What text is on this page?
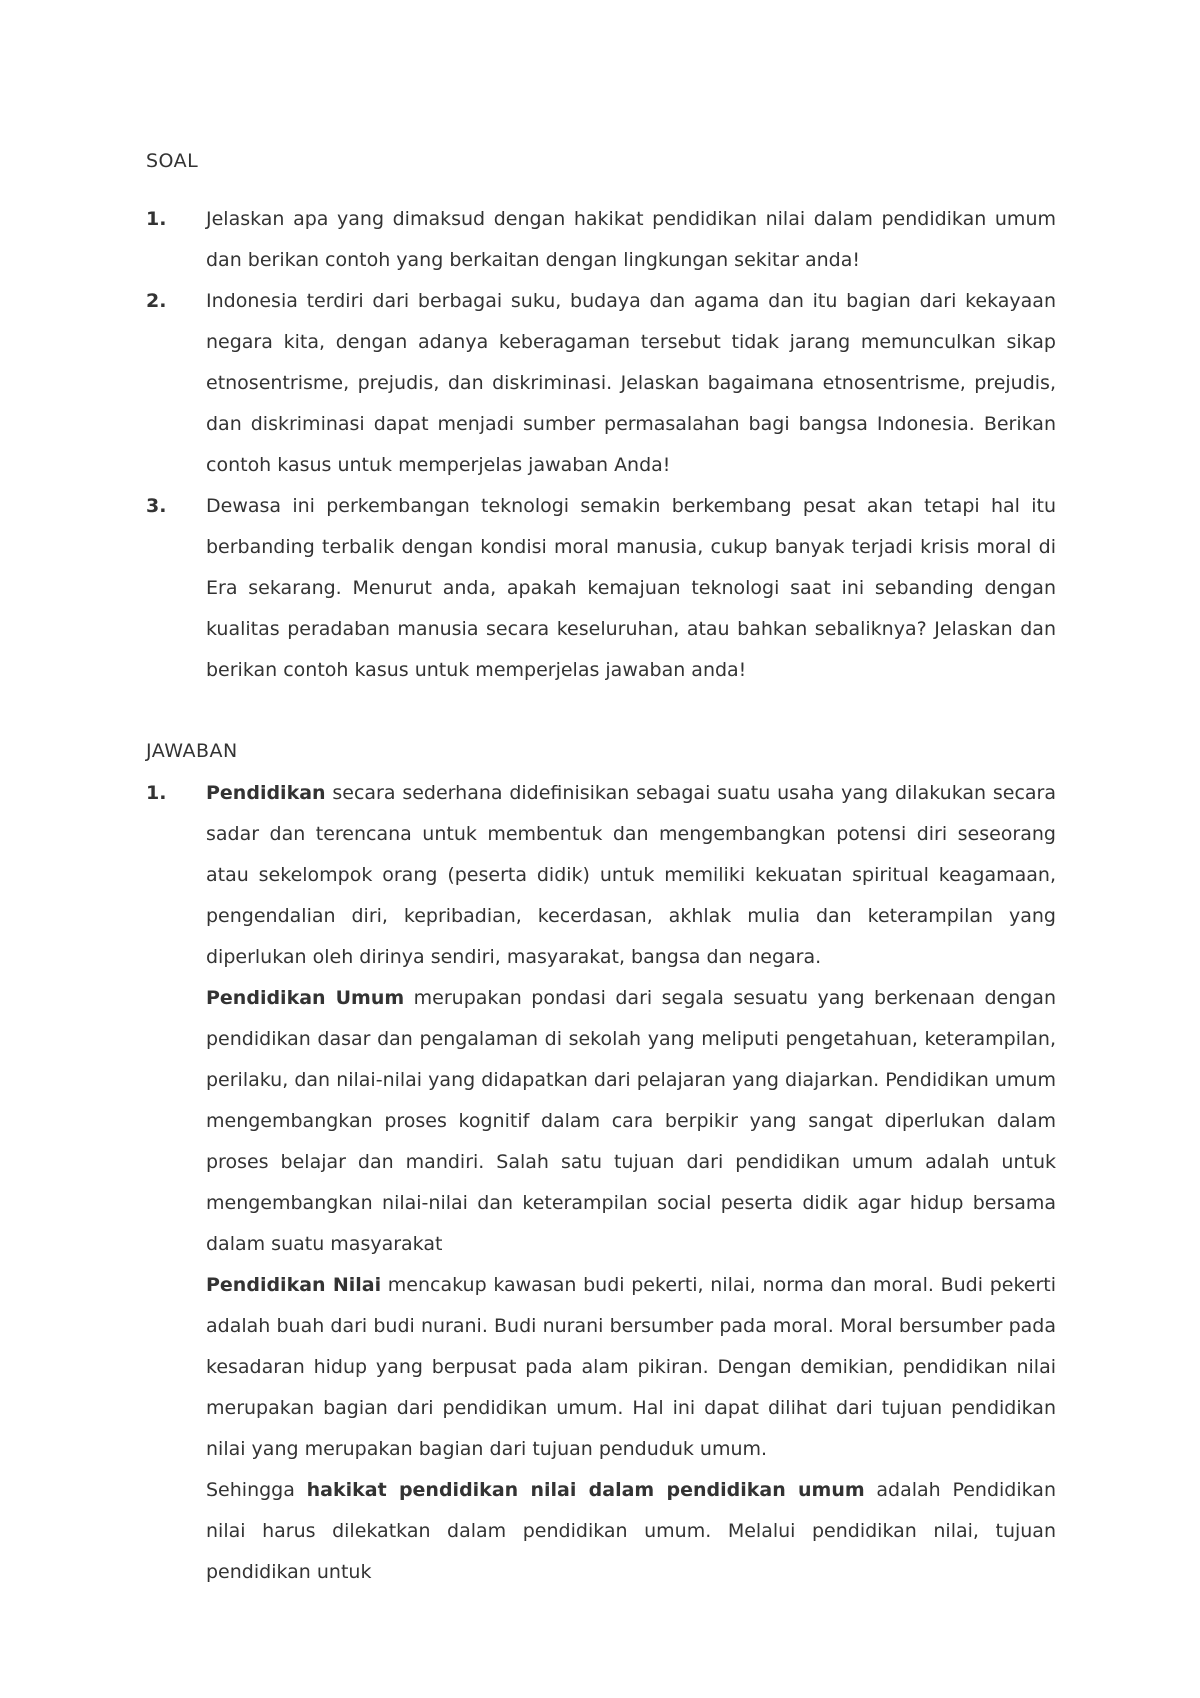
SOAL
1. Jelaskan apa yang dimaksud dengan hakikat pendidikan nilai dalam pendidikan umum dan berikan contoh yang berkaitan dengan lingkungan sekitar anda!
2. Indonesia terdiri dari berbagai suku, budaya dan agama dan itu bagian dari kekayaan negara kita, dengan adanya keberagaman tersebut tidak jarang memunculkan sikap etnosentrisme, prejudis, dan diskriminasi. Jelaskan bagaimana etnosentrisme, prejudis, dan diskriminasi dapat menjadi sumber permasalahan bagi bangsa Indonesia. Berikan contoh kasus untuk memperjelas jawaban Anda!
3. Dewasa ini perkembangan teknologi semakin berkembang pesat akan tetapi hal itu berbanding terbalik dengan kondisi moral manusia, cukup banyak terjadi krisis moral di Era sekarang. Menurut anda, apakah kemajuan teknologi saat ini sebanding dengan kualitas peradaban manusia secara keseluruhan, atau bahkan sebaliknya? Jelaskan dan berikan contoh kasus untuk memperjelas jawaban anda!
JAWABAN
1. Pendidikan secara sederhana didefinisikan sebagai suatu usaha yang dilakukan secara sadar dan terencana untuk membentuk dan mengembangkan potensi diri seseorang atau sekelompok orang (peserta didik) untuk memiliki kekuatan spiritual keagamaan, pengendalian diri, kepribadian, kecerdasan, akhlak mulia dan keterampilan yang diperlukan oleh dirinya sendiri, masyarakat, bangsa dan negara.

Pendidikan Umum merupakan pondasi dari segala sesuatu yang berkenaan dengan pendidikan dasar dan pengalaman di sekolah yang meliputi pengetahuan, keterampilan, perilaku, dan nilai-nilai yang didapatkan dari pelajaran yang diajarkan. Pendidikan umum mengembangkan proses kognitif dalam cara berpikir yang sangat diperlukan dalam proses belajar dan mandiri. Salah satu tujuan dari pendidikan umum adalah untuk mengembangkan nilai-nilai dan keterampilan social peserta didik agar hidup bersama dalam suatu masyarakat

Pendidikan Nilai mencakup kawasan budi pekerti, nilai, norma dan moral. Budi pekerti adalah buah dari budi nurani. Budi nurani bersumber pada moral. Moral bersumber pada kesadaran hidup yang berpusat pada alam pikiran. Dengan demikian, pendidikan nilai merupakan bagian dari pendidikan umum. Hal ini dapat dilihat dari tujuan pendidikan nilai yang merupakan bagian dari tujuan penduduk umum.

Sehingga hakikat pendidikan nilai dalam pendidikan umum adalah Pendidikan nilai harus dilekatkan dalam pendidikan umum. Melalui pendidikan nilai, tujuan pendidikan untuk
